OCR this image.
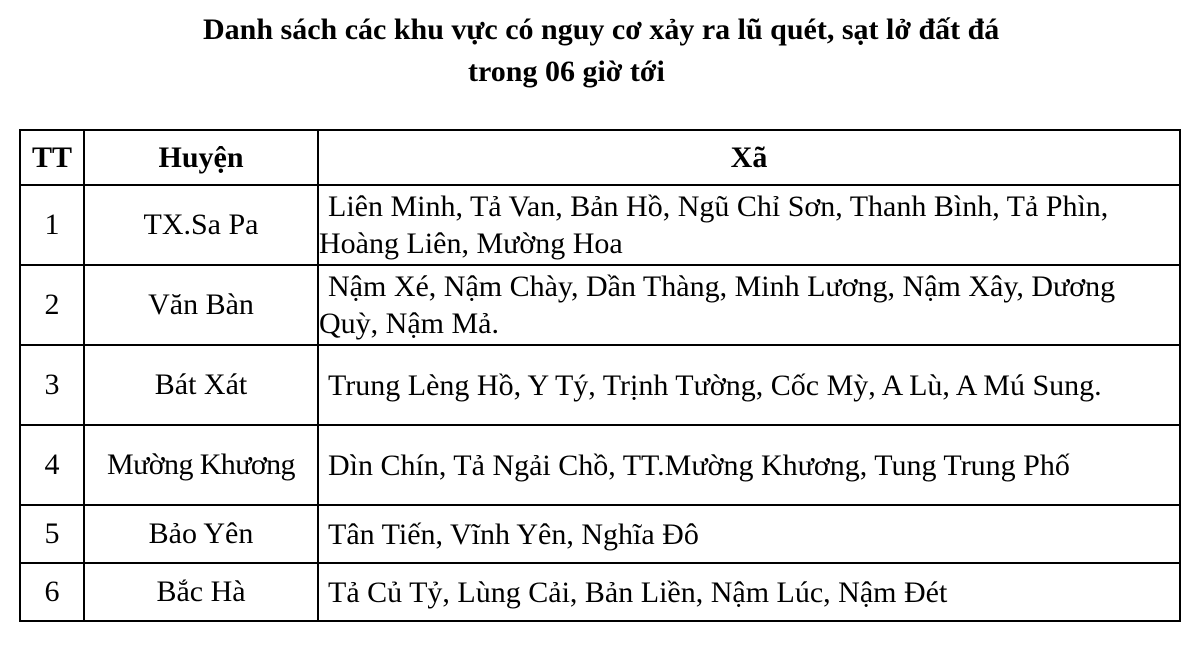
Danh sách các khu vực có nguy cơ xảy ra lũ quét, sạt lở đất đá
trong 06 giờ tới
TT	Huyện	Xã
1	TX.Sa Pa	Liên Minh, Tả Van, Bản Hồ, Ngũ Chỉ Sơn, Thanh Bình, Tả Phìn, Hoàng Liên, Mường Hoa

2	Văn Bàn	Nậm Xé, Nậm Chày, Dần Thàng, Minh Lương, Nậm Xây, Dương Quỳ, Nậm Mả.

3	Bát Xát	Trung Lèng Hồ, Y Tý, Trịnh Tường, Cốc Mỳ, A Lù, A Mú Sung.

4	Mường Khương	Dìn Chín, Tả Ngải Chồ, TT.Mường Khương, Tung Trung Phố

5	Bảo Yên	Tân Tiến, Vĩnh Yên, Nghĩa Đô

6	Bắc Hà	Tả Củ Tỷ, Lùng Cải, Bản Liền, Nậm Lúc, Nậm Đét
